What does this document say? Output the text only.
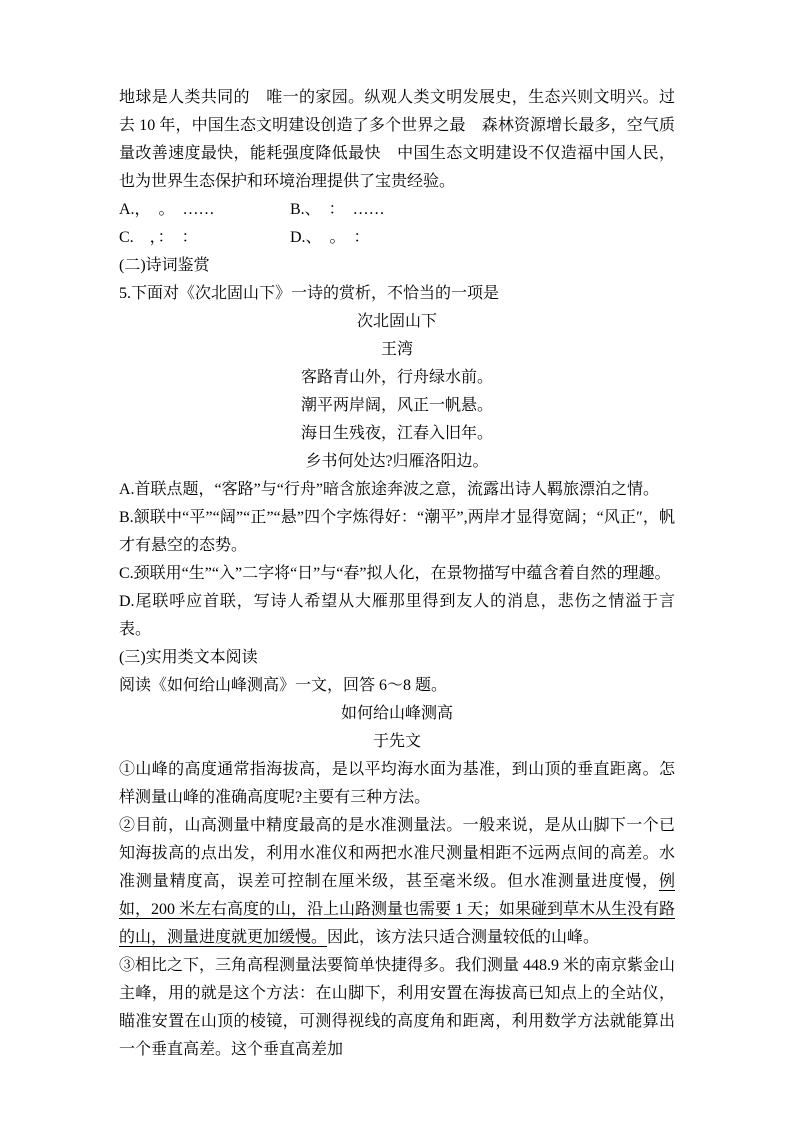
地球是人类共同的　唯一的家园。纵观人类文明发展史，生态兴则文明兴。过去 10 年，中国生态文明建设创造了多个世界之最　森林资源增长最多，空气质量改善速度最快，能耗强度降低最快　中国生态文明建设不仅造福中国人民，也为世界生态保护和环境治理提供了宝贵经验。

A.，　。　……	B.、　：　……
C.　，：　：	D.、　。　：

(二)诗词鉴赏

5.下面对《次北固山下》一诗的赏析，不恰当的一项是

次北固山下

王湾

客路青山外，行舟绿水前。

潮平两岸阔，风正一帆悬。

海日生残夜，江春入旧年。

乡书何处达?归雁洛阳边。

A.首联点题，“客路”与“行舟”暗含旅途奔波之意，流露出诗人羁旅漂泊之情。

B.颔联中“平”“阔”“正”“悬”四个字炼得好：“潮平”,两岸才显得宽阔；“风正″，帆才有悬空的态势。

C.颈联用“生”“入”二字将“日”与“春”拟人化，在景物描写中蕴含着自然的理趣。

D.尾联呼应首联，写诗人希望从大雁那里得到友人的消息，悲伤之情溢于言表。

(三)实用类文本阅读

阅读《如何给山峰测高》一文，回答 6～8 题。

如何给山峰测高

于先文

①山峰的高度通常指海拔高，是以平均海水面为基准，到山顶的垂直距离。怎样测量山峰的准确高度呢?主要有三种方法。

②目前，山高测量中精度最高的是水准测量法。一般来说，是从山脚下一个已知海拔高的点出发，利用水准仪和两把水准尺测量相距不远两点间的高差。水准测量精度高，误差可控制在厘米级，甚至毫米级。但水准测量进度慢，例如，200 米左右高度的山，沿上山路测量也需要 1 天；如果碰到草木从生没有路的山，测量进度就更加缓慢。因此，该方法只适合测量较低的山峰。

③相比之下，三角高程测量法要简单快捷得多。我们测量 448.9 米的南京紫金山主峰，用的就是这个方法：在山脚下，利用安置在海拔高已知点上的全站仪，瞄准安置在山顶的棱镜，可测得视线的高度角和距离，利用数学方法就能算出一个垂直高差。这个垂直高差加
